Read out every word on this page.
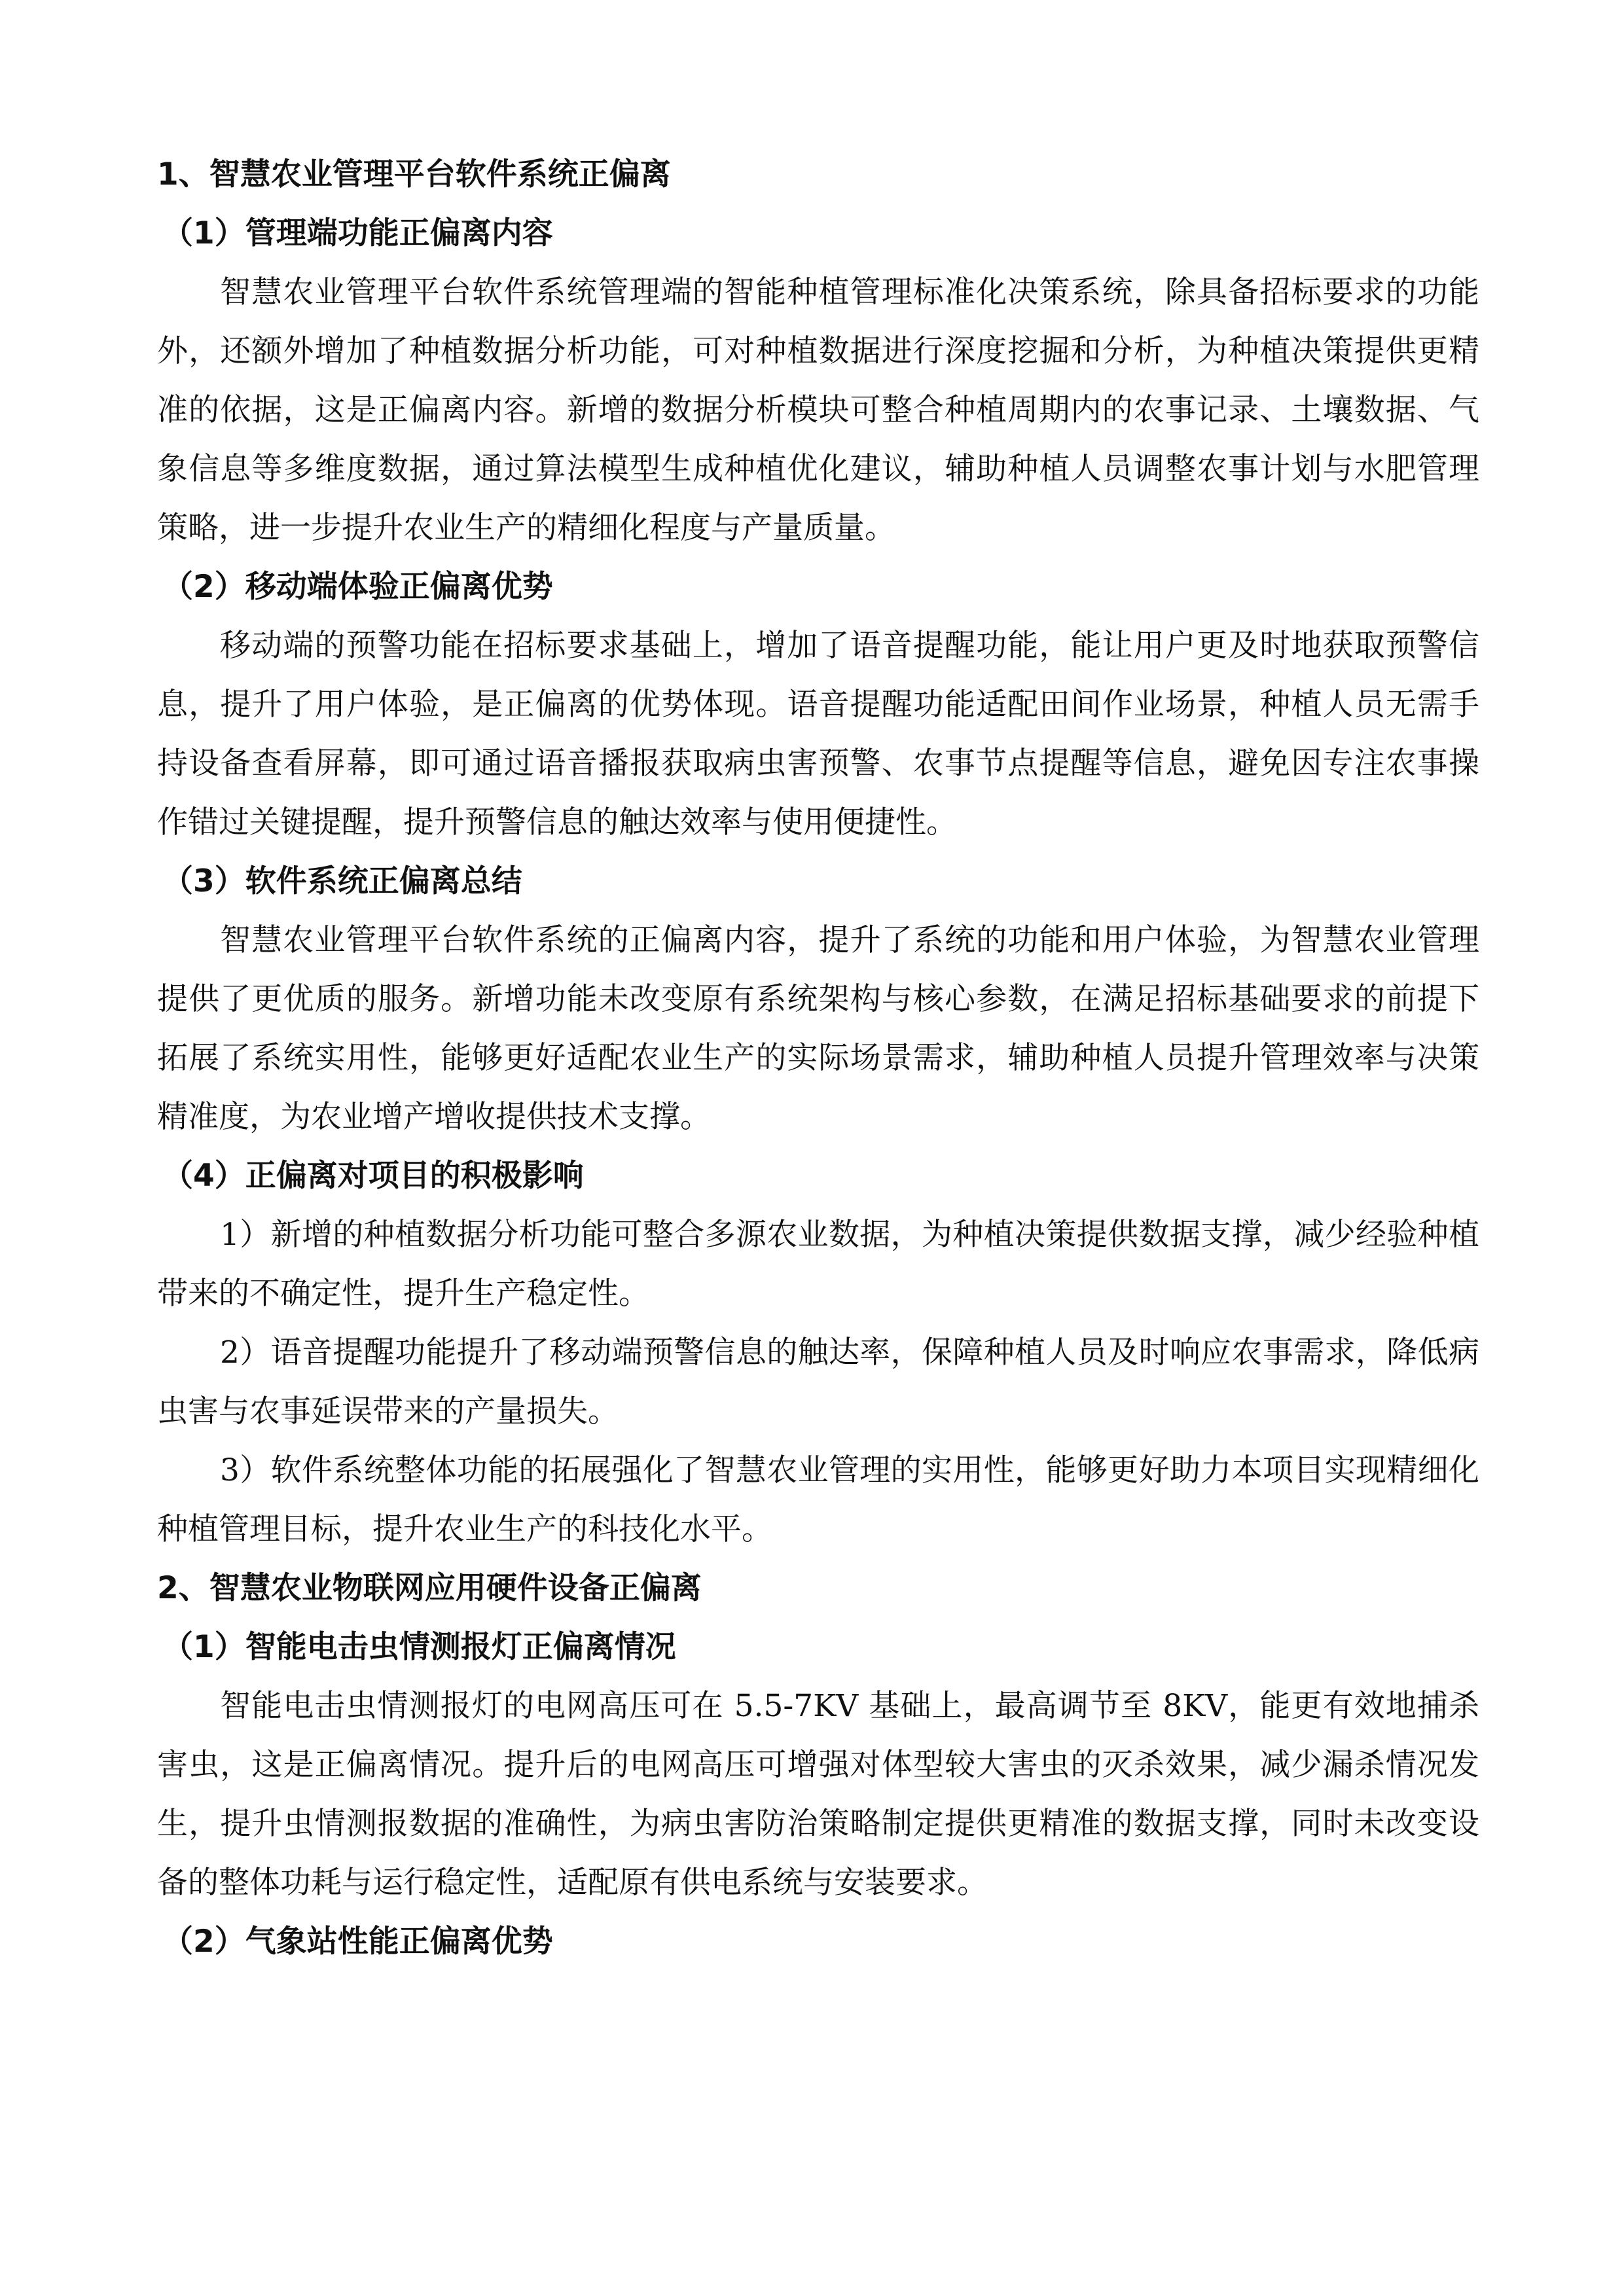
1、智慧农业管理平台软件系统正偏离
（1）管理端功能正偏离内容
智慧农业管理平台软件系统管理端的智能种植管理标准化决策系统，除具备招标要求的功能外，还额外增加了种植数据分析功能，可对种植数据进行深度挖掘和分析，为种植决策提供更精准的依据，这是正偏离内容。新增的数据分析模块可整合种植周期内的农事记录、土壤数据、气象信息等多维度数据，通过算法模型生成种植优化建议，辅助种植人员调整农事计划与水肥管理策略，进一步提升农业生产的精细化程度与产量质量。
（2）移动端体验正偏离优势
移动端的预警功能在招标要求基础上，增加了语音提醒功能，能让用户更及时地获取预警信息，提升了用户体验，是正偏离的优势体现。语音提醒功能适配田间作业场景，种植人员无需手持设备查看屏幕，即可通过语音播报获取病虫害预警、农事节点提醒等信息，避免因专注农事操作错过关键提醒，提升预警信息的触达效率与使用便捷性。
（3）软件系统正偏离总结
智慧农业管理平台软件系统的正偏离内容，提升了系统的功能和用户体验，为智慧农业管理提供了更优质的服务。新增功能未改变原有系统架构与核心参数，在满足招标基础要求的前提下拓展了系统实用性，能够更好适配农业生产的实际场景需求，辅助种植人员提升管理效率与决策精准度，为农业增产增收提供技术支撑。
（4）正偏离对项目的积极影响
1）新增的种植数据分析功能可整合多源农业数据，为种植决策提供数据支撑，减少经验种植带来的不确定性，提升生产稳定性。
2）语音提醒功能提升了移动端预警信息的触达率，保障种植人员及时响应农事需求，降低病虫害与农事延误带来的产量损失。
3）软件系统整体功能的拓展强化了智慧农业管理的实用性，能够更好助力本项目实现精细化种植管理目标，提升农业生产的科技化水平。
2、智慧农业物联网应用硬件设备正偏离
（1）智能电击虫情测报灯正偏离情况
智能电击虫情测报灯的电网高压可在 5.5-7KV 基础上，最高调节至 8KV，能更有效地捕杀害虫，这是正偏离情况。提升后的电网高压可增强对体型较大害虫的灭杀效果，减少漏杀情况发生，提升虫情测报数据的准确性，为病虫害防治策略制定提供更精准的数据支撑，同时未改变设备的整体功耗与运行稳定性，适配原有供电系统与安装要求。
（2）气象站性能正偏离优势
